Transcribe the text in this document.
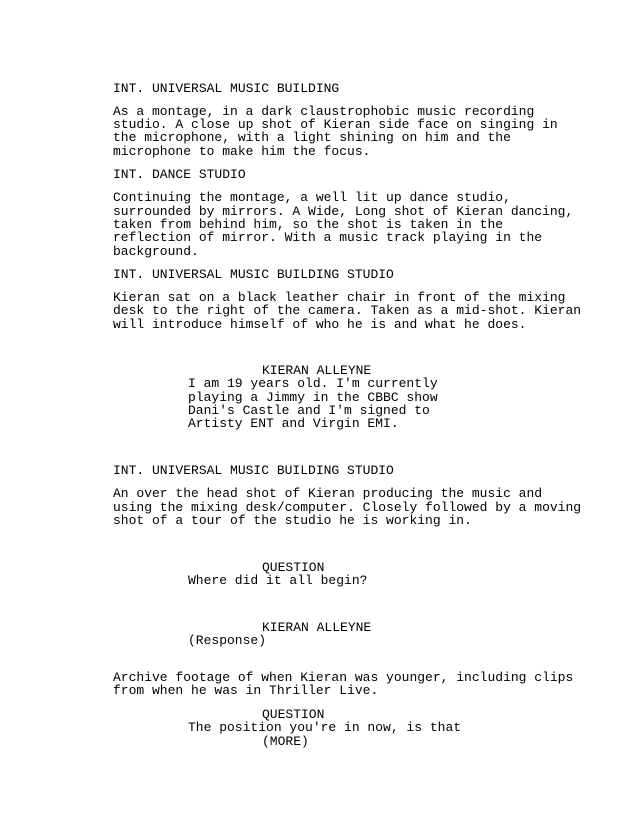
INT. UNIVERSAL MUSIC BUILDING
As a montage, in a dark claustrophobic music recording
studio. A close up shot of Kieran side face on singing in
the microphone, with a light shining on him and the
microphone to make him the focus.
INT. DANCE STUDIO
Continuing the montage, a well lit up dance studio,
surrounded by mirrors. A Wide, Long shot of Kieran dancing,
taken from behind him, so the shot is taken in the
reflection of mirror. With a music track playing in the
background.
INT. UNIVERSAL MUSIC BUILDING STUDIO
Kieran sat on a black leather chair in front of the mixing
desk to the right of the camera. Taken as a mid-shot. Kieran
will introduce himself of who he is and what he does.
KIERAN ALLEYNE
I am 19 years old. I'm currently
playing a Jimmy in the CBBC show
Dani's Castle and I'm signed to
Artisty ENT and Virgin EMI.
INT. UNIVERSAL MUSIC BUILDING STUDIO
An over the head shot of Kieran producing the music and
using the mixing desk/computer. Closely followed by a moving
shot of a tour of the studio he is working in.
QUESTION
Where did it all begin?
KIERAN ALLEYNE
(Response)
Archive footage of when Kieran was younger, including clips
from when he was in Thriller Live.
QUESTION
The position you're in now, is that
(MORE)
